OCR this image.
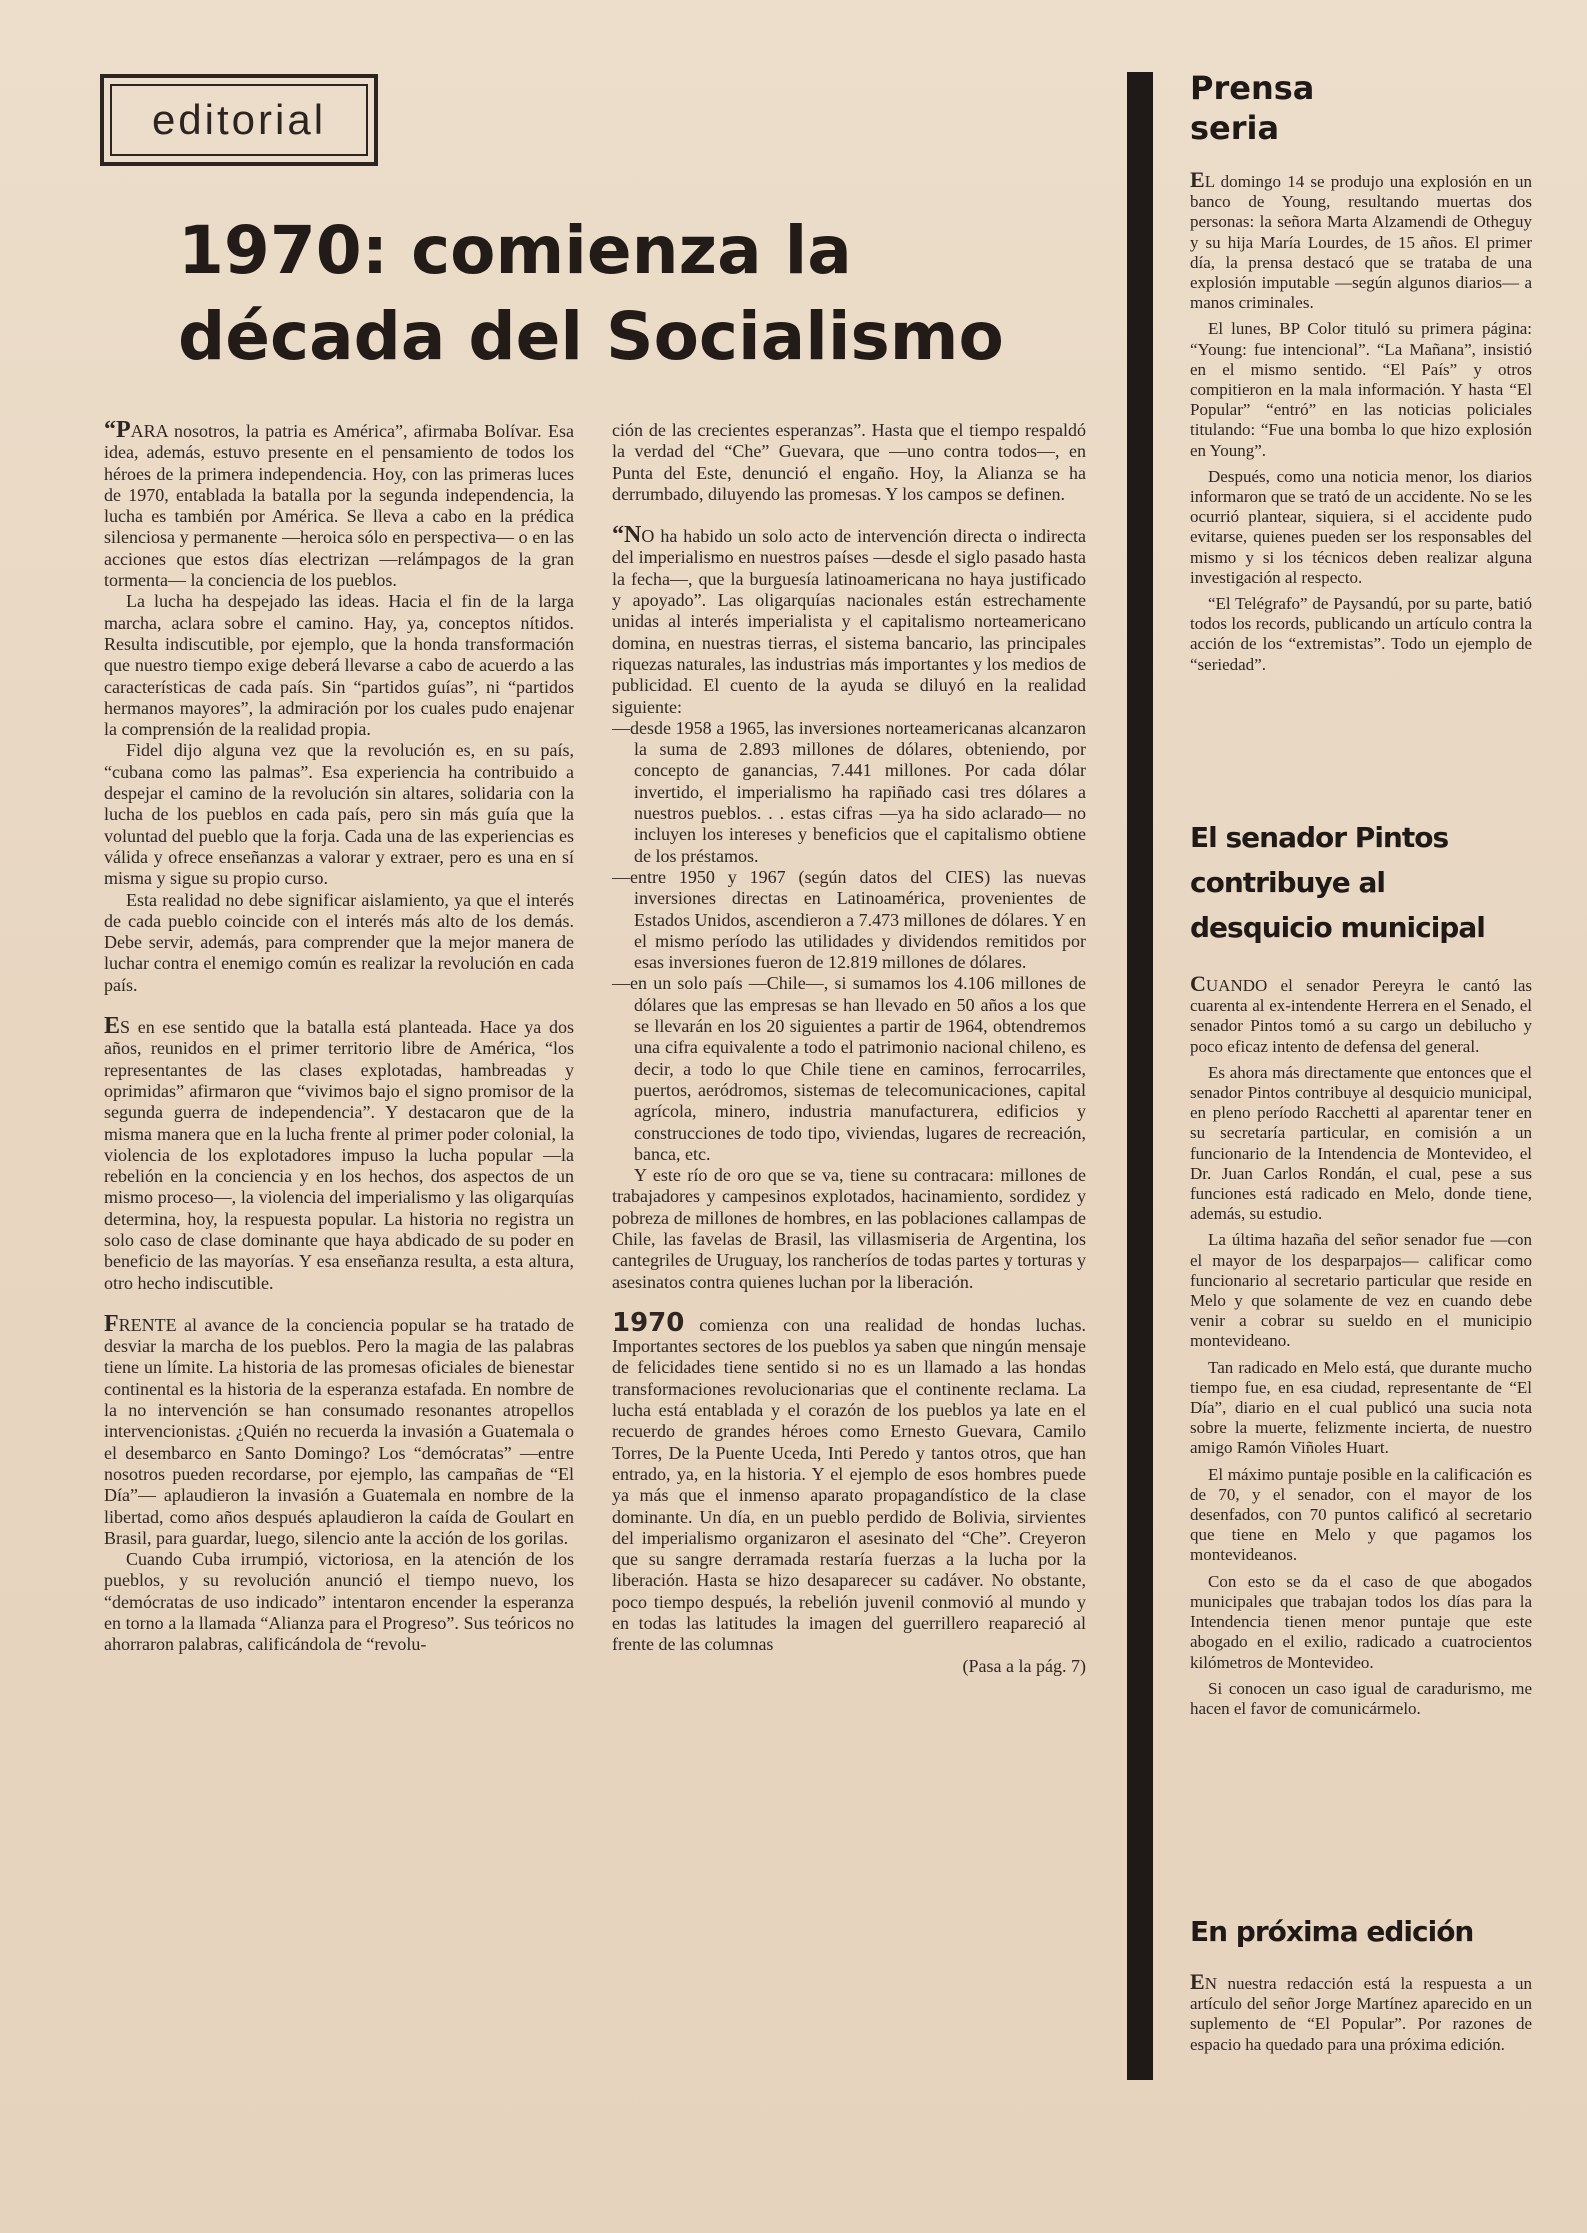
editorial
1970: comienza la década del Socialismo

“PARA nosotros, la patria es América”, afirmaba Bolívar. Esa idea, además, estuvo presente en el pensamiento de todos los héroes de la primera independencia. Hoy, con las primeras luces de 1970, entablada la batalla por la segunda independencia, la lucha es también por América. Se lleva a cabo en la prédica silenciosa y permanente —heroica sólo en perspectiva— o en las acciones que estos días electrizan —relámpagos de la gran tormenta— la conciencia de los pueblos.

La lucha ha despejado las ideas. Hacia el fin de la larga marcha, aclara sobre el camino. Hay, ya, conceptos nítidos. Resulta indiscutible, por ejemplo, que la honda transformación que nuestro tiempo exige deberá llevarse a cabo de acuerdo a las características de cada país. Sin “partidos guías”, ni “partidos hermanos mayores”, la admiración por los cuales pudo enajenar la comprensión de la realidad propia.

Fidel dijo alguna vez que la revolución es, en su país, “cubana como las palmas”. Esa experiencia ha contribuido a despejar el camino de la revolución sin altares, solidaria con la lucha de los pueblos en cada país, pero sin más guía que la voluntad del pueblo que la forja. Cada una de las experiencias es válida y ofrece enseñanzas a valorar y extraer, pero es una en sí misma y sigue su propio curso.

Esta realidad no debe significar aislamiento, ya que el interés de cada pueblo coincide con el interés más alto de los demás. Debe servir, además, para comprender que la mejor manera de luchar contra el enemigo común es realizar la revolución en cada país.

ES en ese sentido que la batalla está planteada. Hace ya dos años, reunidos en el primer territorio libre de América, “los representantes de las clases explotadas, hambreadas y oprimidas” afirmaron que “vivimos bajo el signo promisor de la segunda guerra de independencia”. Y destacaron que de la misma manera que en la lucha frente al primer poder colonial, la violencia de los explotadores impuso la lucha popular —la rebelión en la conciencia y en los hechos, dos aspectos de un mismo proceso—, la violencia del imperialismo y las oligarquías determina, hoy, la respuesta popular. La historia no registra un solo caso de clase dominante que haya abdicado de su poder en beneficio de las mayorías. Y esa enseñanza resulta, a esta altura, otro hecho indiscutible.

FRENTE al avance de la conciencia popular se ha tratado de desviar la marcha de los pueblos. Pero la magia de las palabras tiene un límite. La historia de las promesas oficiales de bienestar continental es la historia de la esperanza estafada. En nombre de la no intervención se han consumado resonantes atropellos intervencionistas. ¿Quién no recuerda la invasión a Guatemala o el desembarco en Santo Domingo? Los “demócratas” —entre nosotros pueden recordarse, por ejemplo, las campañas de “El Día”— aplaudieron la invasión a Guatemala en nombre de la libertad, como años después aplaudieron la caída de Goulart en Brasil, para guardar, luego, silencio ante la acción de los gorilas.

Cuando Cuba irrumpió, victoriosa, en la atención de los pueblos, y su revolución anunció el tiempo nuevo, los “demócratas de uso indicado” intentaron encender la esperanza en torno a la llamada “Alianza para el Progreso”. Sus teóricos no ahorraron palabras, calificándola de “revolu-

ción de las crecientes esperanzas”. Hasta que el tiempo respaldó la verdad del “Che” Guevara, que —uno contra todos—, en Punta del Este, denunció el engaño. Hoy, la Alianza se ha derrumbado, diluyendo las promesas. Y los campos se definen.

“NO ha habido un solo acto de intervención directa o indirecta del imperialismo en nuestros países —desde el siglo pasado hasta la fecha—, que la burguesía latinoamericana no haya justificado y apoyado”. Las oligarquías nacionales están estrechamente unidas al interés imperialista y el capitalismo norteamericano domina, en nuestras tierras, el sistema bancario, las principales riquezas naturales, las industrias más importantes y los medios de publicidad. El cuento de la ayuda se diluyó en la realidad siguiente:

—desde 1958 a 1965, las inversiones norteamericanas alcanzaron la suma de 2.893 millones de dólares, obteniendo, por concepto de ganancias, 7.441 millones. Por cada dólar invertido, el imperialismo ha rapiñado casi tres dólares a nuestros pueblos. . . estas cifras —ya ha sido aclarado— no incluyen los intereses y beneficios que el capitalismo obtiene de los préstamos.

—entre 1950 y 1967 (según datos del CIES) las nuevas inversiones directas en Latinoamérica, provenientes de Estados Unidos, ascendieron a 7.473 millones de dólares. Y en el mismo período las utilidades y dividendos remitidos por esas inversiones fueron de 12.819 millones de dólares.

—en un solo país —Chile—, si sumamos los 4.106 millones de dólares que las empresas se han llevado en 50 años a los que se llevarán en los 20 siguientes a partir de 1964, obtendremos una cifra equivalente a todo el patrimonio nacional chileno, es decir, a todo lo que Chile tiene en caminos, ferrocarriles, puertos, aeródromos, sistemas de telecomunicaciones, capital agrícola, minero, industria manufacturera, edificios y construcciones de todo tipo, viviendas, lugares de recreación, banca, etc.

Y este río de oro que se va, tiene su contracara: millones de trabajadores y campesinos explotados, hacinamiento, sordidez y pobreza de millones de hombres, en las poblaciones callampas de Chile, las favelas de Brasil, las villasmiseria de Argentina, los cantegriles de Uruguay, los rancheríos de todas partes y torturas y asesinatos contra quienes luchan por la liberación.

1970 comienza con una realidad de hondas luchas. Importantes sectores de los pueblos ya saben que ningún mensaje de felicidades tiene sentido si no es un llamado a las hondas transformaciones revolucionarias que el continente reclama. La lucha está entablada y el corazón de los pueblos ya late en el recuerdo de grandes héroes como Ernesto Guevara, Camilo Torres, De la Puente Uceda, Inti Peredo y tantos otros, que han entrado, ya, en la historia. Y el ejemplo de esos hombres puede ya más que el inmenso aparato propagandístico de la clase dominante. Un día, en un pueblo perdido de Bolivia, sirvientes del imperialismo organizaron el asesinato del “Che”. Creyeron que su sangre derramada restaría fuerzas a la lucha por la liberación. Hasta se hizo desaparecer su cadáver. No obstante, poco tiempo después, la rebelión juvenil conmovió al mundo y en todas las latitudes la imagen del guerrillero reapareció al frente de las columnas

(Pasa a la pág. 7)

Prensa
seria

EL domingo 14 se produjo una explosión en un banco de Young, resultando muertas dos personas: la señora Marta Alzamendi de Otheguy y su hija María Lourdes, de 15 años. El primer día, la prensa destacó que se trataba de una explosión imputable —según algunos diarios— a manos criminales.

El lunes, BP Color tituló su primera página: “Young: fue intencional”. “La Mañana”, insistió en el mismo sentido. “El País” y otros compitieron en la mala información. Y hasta “El Popular” “entró” en las noticias policiales titulando: “Fue una bomba lo que hizo explosión en Young”.

Después, como una noticia menor, los diarios informaron que se trató de un accidente. No se les ocurrió plantear, siquiera, si el accidente pudo evitarse, quienes pueden ser los responsables del mismo y si los técnicos deben realizar alguna investigación al respecto.

“El Telégrafo” de Paysandú, por su parte, batió todos los records, publicando un artículo contra la acción de los “extremistas”. Todo un ejemplo de “seriedad”.

El senador Pintos
contribuye al
desquicio municipal

CUANDO el senador Pereyra le cantó las cuarenta al ex-intendente Herrera en el Senado, el senador Pintos tomó a su cargo un debilucho y poco eficaz intento de defensa del general.

Es ahora más directamente que entonces que el senador Pintos contribuye al desquicio municipal, en pleno período Racchetti al aparentar tener en su secretaría particular, en comisión a un funcionario de la Intendencia de Montevideo, el Dr. Juan Carlos Rondán, el cual, pese a sus funciones está radicado en Melo, donde tiene, además, su estudio.

La última hazaña del señor senador fue —con el mayor de los desparpajos— calificar como funcionario al secretario particular que reside en Melo y que solamente de vez en cuando debe venir a cobrar su sueldo en el municipio montevideano.

Tan radicado en Melo está, que durante mucho tiempo fue, en esa ciudad, representante de “El Día”, diario en el cual publicó una sucia nota sobre la muerte, felizmente incierta, de nuestro amigo Ramón Viñoles Huart.

El máximo puntaje posible en la calificación es de 70, y el senador, con el mayor de los desenfados, con 70 puntos calificó al secretario que tiene en Melo y que pagamos los montevideanos.

Con esto se da el caso de que abogados municipales que trabajan todos los días para la Intendencia tienen menor puntaje que este abogado en el exilio, radicado a cuatrocientos kilómetros de Montevideo.

Si conocen un caso igual de caradurismo, me hacen el favor de comunicármelo.

En próxima edición

EN nuestra redacción está la respuesta a un artículo del señor Jorge Martínez aparecido en un suplemento de “El Popular”. Por razones de espacio ha quedado para una próxima edición.
